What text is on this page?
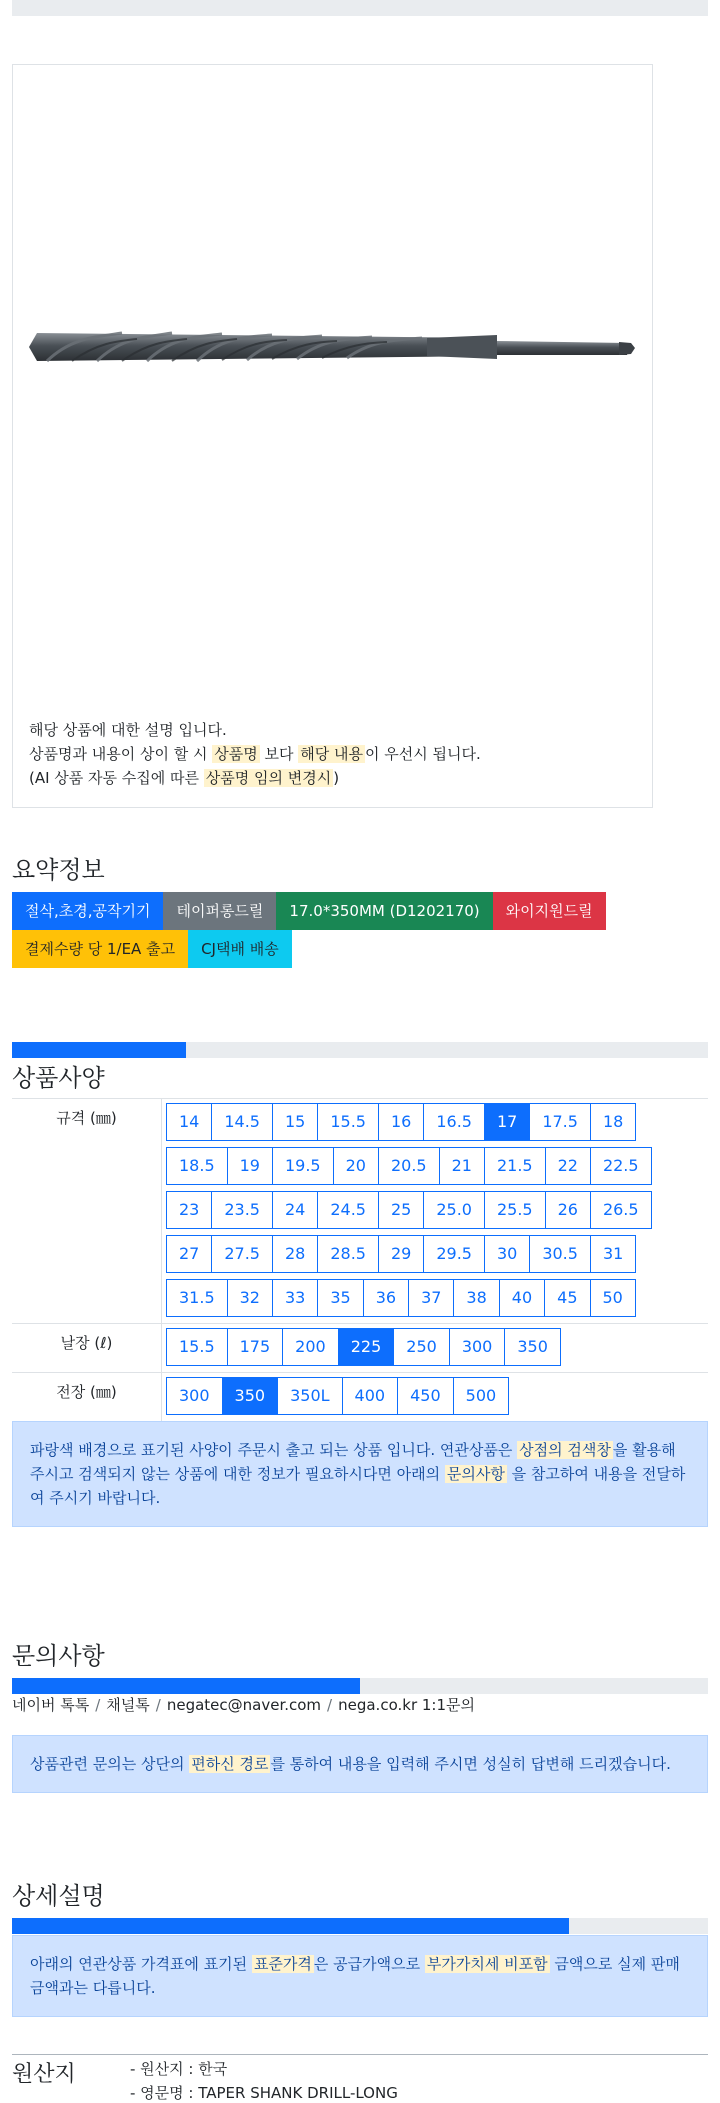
해당 상품에 대한 설명 입니다.
상품명과 내용이 상이 할 시 상품명 보다 해당 내용 이 우선시 됩니다.
(AI 상품 자동 수집에 따른 상품명 임의 변경시 )
요약정보
절삭,초경,공작기기	테이퍼롱드릴	17.0*350MM (D1202170)	와이지원드릴
결제수량 당 1/EA 출고	CJ택배 배송
상품사양
규격 (㎜)	14	14.5	15	15.5	16	16.5	17	17.5	18
18.5	19	19.5	20	20.5	21	21.5	22	22.5
23	23.5	24	24.5	25	25.0	25.5	26	26.5
27	27.5	28	28.5	29	29.5	30	30.5	31
31.5	32	33	35	36	37	38	40	45	50
날장 (ℓ)	15.5	175	200	225	250	300	350
전장 (㎜)	300	350	350L	400	450	500
파랑색 배경으로 표기된 사양이 주문시 출고 되는 상품 입니다. 연관상품은 상점의 검색창 을 활용해 주시고 검색되지 않는 상품에 대한 정보가 필요하시다면 아래의 문의사항 을 참고하여 내용을 전달하여 주시기 바랍니다.
문의사항
네이버 톡톡 / 채널톡 / negatec@naver.com / nega.co.kr 1:1문의
상품관련 문의는 상단의 편하신 경로 를 통하여 내용을 입력해 주시면 성실히 답변해 드리겠습니다.
상세설명
아래의 연관상품 가격표에 표기된 표준가격 은 공급가액으로 부가가치세 비포함 금액으로 실제 판매금액과는 다릅니다.
원산지	- 원산지 : 한국
- 영문명 : TAPER SHANK DRILL-LONG
